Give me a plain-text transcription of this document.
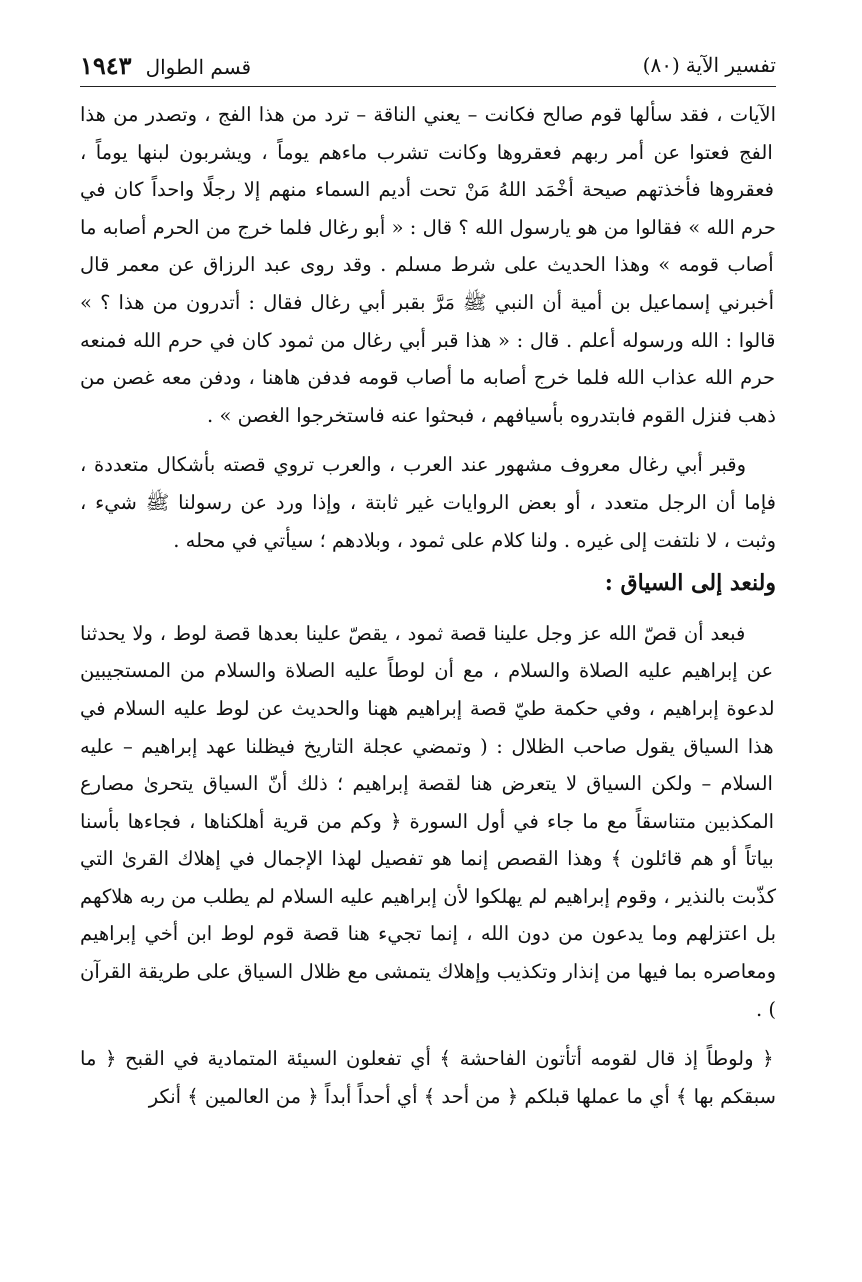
تفسير الآية
(٨٠)
قسم الطوال
١٩٤٣

الآيات ، فقد سألها قوم صالح فكانت – يعني الناقة – ترد من هذا الفج ، وتصدر من هذا الفج فعتوا عن أمر ربهم فعقروها وكانت تشرب ماءهم يوماً ، ويشربون لبنها يوماً ، فعقروها فأخذتهم صيحة أخْمَد اللهُ مَنْ تحت أديم السماء منهم إلا رجلًا واحداً كان في حرم الله » فقالوا من هو يارسول الله ؟ قال : « أبو رغال فلما خرج من الحرم أصابه ما أصاب قومه » وهذا الحديث على شرط مسلم . وقد روى عبد الرزاق عن معمر قال أخبرني إسماعيل بن أمية أن النبي ﷺ مَرَّ بقبر أبي رغال فقال : أتدرون من هذا ؟ » قالوا : الله ورسوله أعلم . قال : « هذا قبر أبي رغال من ثمود كان في حرم الله فمنعه حرم الله عذاب الله فلما خرج أصابه ما أصاب قومه فدفن هاهنا ، ودفن معه غصن من ذهب فنزل القوم فابتدروه بأسيافهم ، فبحثوا عنه فاستخرجوا الغصن » .

وقبر أبي رغال معروف مشهور عند العرب ، والعرب تروي قصته بأشكال متعددة ، فإما أن الرجل متعدد ، أو بعض الروايات غير ثابتة ، وإذا ورد عن رسولنا ﷺ شيء ، وثبت ، لا نلتفت إلى غيره . ولنا كلام على ثمود ، وبلادهم ؛ سيأتي في محله .

ولنعد إلى السياق :

فبعد أن قصّ الله عز وجل علينا قصة ثمود ، يقصّ علينا بعدها قصة لوط ، ولا يحدثنا عن إبراهيم عليه الصلاة والسلام ، مع أن لوطاً عليه الصلاة والسلام من المستجيبين لدعوة إبراهيم ، وفي حكمة طيّ قصة إبراهيم ههنا والحديث عن لوط عليه السلام في هذا السياق يقول صاحب الظلال : ( وتمضي عجلة التاريخ فيظلنا عهد إبراهيم – عليه السلام – ولكن السياق لا يتعرض هنا لقصة إبراهيم ؛ ذلك أنّ السياق يتحرىٰ مصارع المكذبين متناسقاً مع ما جاء في أول السورة ﴿ وكم من قرية أهلكناها ، فجاءها بأسنا بياتاً أو هم قائلون ﴾ وهذا القصص إنما هو تفصيل لهذا الإجمال في إهلاك القرىٰ التي كذّبت بالنذير ، وقوم إبراهيم لم يهلكوا لأن إبراهيم عليه السلام لم يطلب من ربه هلاكهم بل اعتزلهم وما يدعون من دون الله ، إنما تجيء هنا قصة قوم لوط ابن أخي إبراهيم ومعاصره بما فيها من إنذار وتكذيب وإهلاك يتمشى مع ظلال السياق على طريقة القرآن ) .

﴿ ولوطاً إذ قال لقومه أتأتون الفاحشة ﴾ أي تفعلون السيئة المتمادية في القبح ﴿ ما سبقكم بها ﴾ أي ما عملها قبلكم ﴿ من أحد ﴾ أي أحداً أبداً ﴿ من العالمين ﴾ أنكر
